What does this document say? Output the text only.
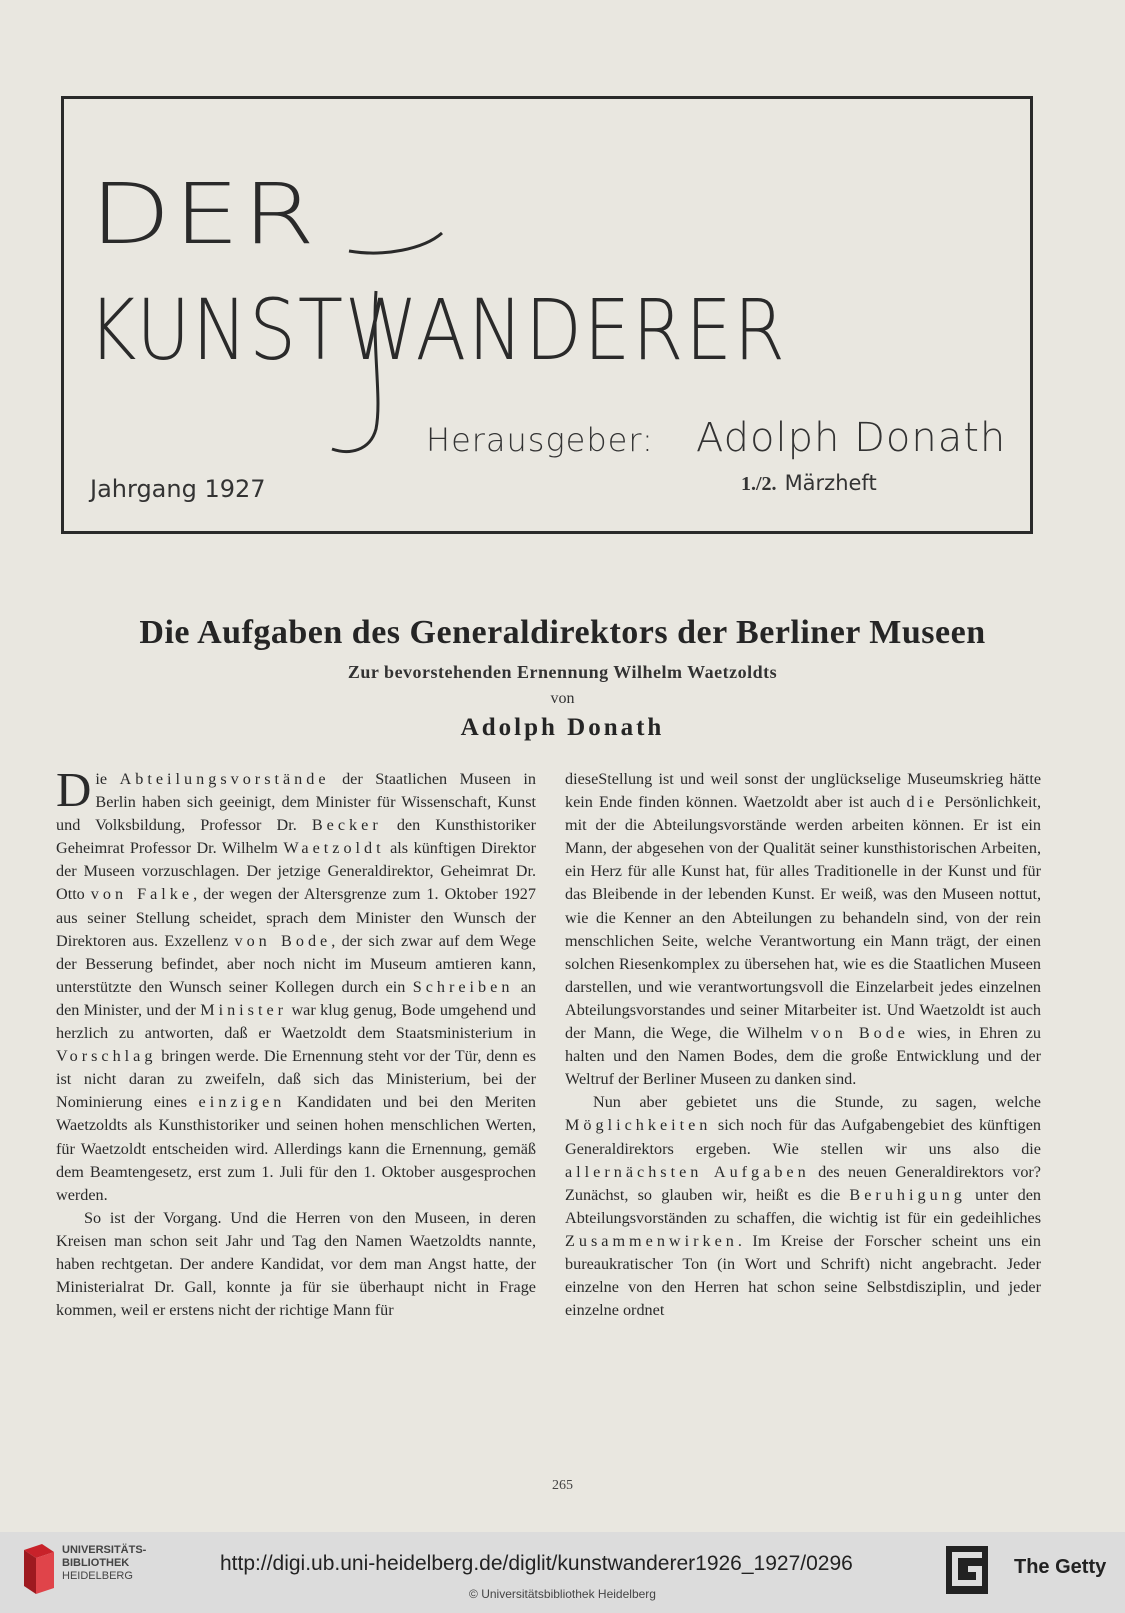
DER
KUNSTWANDERER
Herausgeber: Adolph Donath
Jahrgang 1927	1./2. Märzheft
Die Aufgaben des Generaldirektors der Berliner Museen
Zur bevorstehenden Ernennung Wilhelm Waetzoldts
von
Adolph Donath

Die Abteilungsvorstände der Staatlichen Museen in Berlin haben sich geeinigt, dem Minister für Wissenschaft, Kunst und Volksbildung, Professor Dr. Becker den Kunsthistoriker Geheimrat Professor Dr. Wilhelm Waetzoldt als künftigen Direktor der Museen vorzuschlagen. Der jetzige Generaldirektor, Geheimrat Dr. Otto von Falke, der wegen der Altersgrenze zum 1. Oktober 1927 aus seiner Stellung scheidet, sprach dem Minister den Wunsch der Direktoren aus. Exzellenz von Bode, der sich zwar auf dem Wege der Besserung befindet, aber noch nicht im Museum amtieren kann, unterstützte den Wunsch seiner Kollegen durch ein Schreiben an den Minister, und der Minister war klug genug, Bode umgehend und herzlich zu antworten, daß er Waetzoldt dem Staatsministerium in Vorschlag bringen werde. Die Ernennung steht vor der Tür, denn es ist nicht daran zu zweifeln, daß sich das Ministerium, bei der Nominierung eines einzigen Kandidaten und bei den Meriten Waetzoldts als Kunsthistoriker und seinen hohen menschlichen Werten, für Waetzoldt entscheiden wird. Allerdings kann die Ernennung, gemäß dem Beamtengesetz, erst zum 1. Juli für den 1. Oktober ausgesprochen werden.

So ist der Vorgang. Und die Herren von den Museen, in deren Kreisen man schon seit Jahr und Tag den Namen Waetzoldts nannte, haben rechtgetan. Der andere Kandidat, vor dem man Angst hatte, der Ministerialrat Dr. Gall, konnte ja für sie überhaupt nicht in Frage kommen, weil er erstens nicht der richtige Mann für

dieseStellung ist und weil sonst der unglückselige Museumskrieg hätte kein Ende finden können. Waetzoldt aber ist auch die Persönlichkeit, mit der die Abteilungsvorstände werden arbeiten können. Er ist ein Mann, der abgesehen von der Qualität seiner kunsthistorischen Arbeiten, ein Herz für alle Kunst hat, für alles Traditionelle in der Kunst und für das Bleibende in der lebenden Kunst. Er weiß, was den Museen nottut, wie die Kenner an den Abteilungen zu behandeln sind, von der rein menschlichen Seite, welche Verantwortung ein Mann trägt, der einen solchen Riesenkomplex zu übersehen hat, wie es die Staatlichen Museen darstellen, und wie verantwortungsvoll die Einzelarbeit jedes einzelnen Abteilungsvorstandes und seiner Mitarbeiter ist. Und Waetzoldt ist auch der Mann, die Wege, die Wilhelm von Bode wies, in Ehren zu halten und den Namen Bodes, dem die große Entwicklung und der Weltruf der Berliner Museen zu danken sind.

Nun aber gebietet uns die Stunde, zu sagen, welche Möglichkeiten sich noch für das Aufgabengebiet des künftigen Generaldirektors ergeben. Wie stellen wir uns also die allernächsten Aufgaben des neuen Generaldirektors vor? Zunächst, so glauben wir, heißt es die Beruhigung unter den Abteilungsvorständen zu schaffen, die wichtig ist für ein gedeihliches Zusammenwirken. Im Kreise der Forscher scheint uns ein bureaukratischer Ton (in Wort und Schrift) nicht angebracht. Jeder einzelne von den Herren hat schon seine Selbstdisziplin, und jeder einzelne ordnet

265
UNIVERSITÄTS-
BIBLIOTHEK
HEIDELBERG
http://digi.ub.uni-heidelberg.de/diglit/kunstwanderer1926_1927/0296
© Universitätsbibliothek Heidelberg
The Getty
